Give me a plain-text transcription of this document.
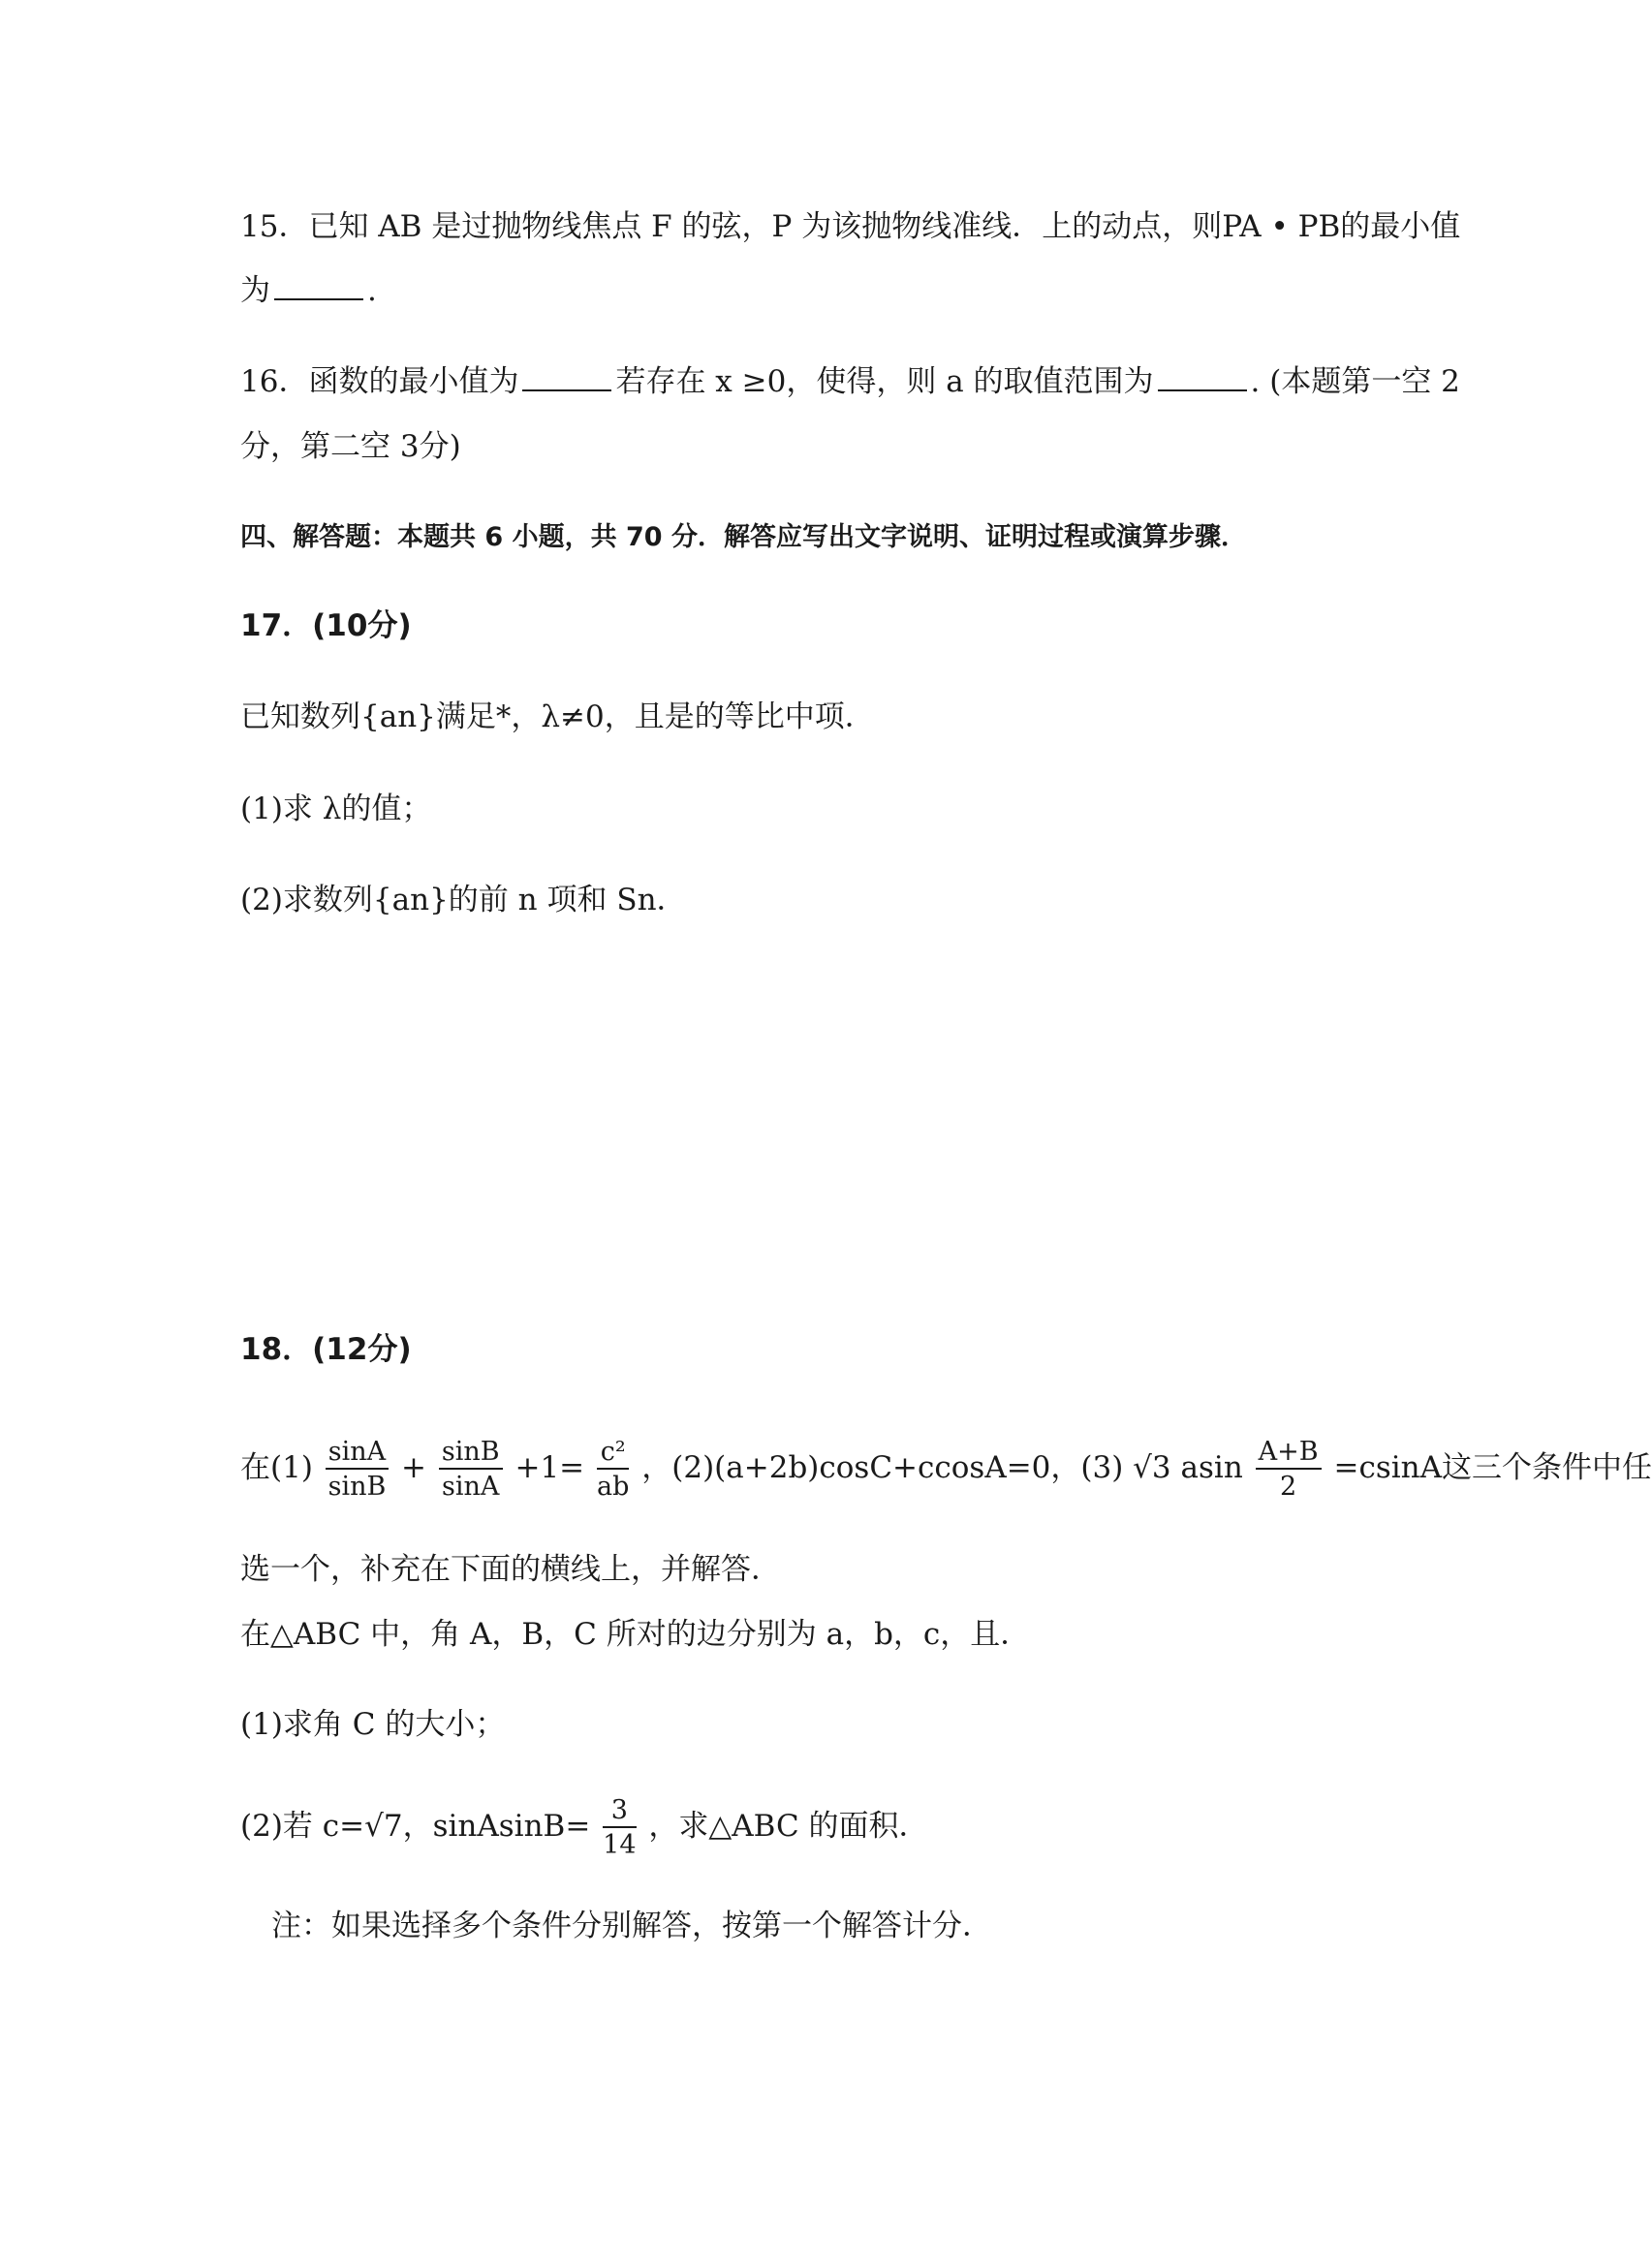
15．已知 AB 是过抛物线焦点 F 的弦，P 为该抛物线准线．上的动点，则PA • PB的最小值
为	.
16．函数的最小值为	若存在 x ≥0，使得，则 a 的取值范围为	. (本题第一空 2
分，第二空 3分)
四、解答题：本题共 6 小题，共 70 分．解答应写出文字说明、证明过程或演算步骤．
17．(10分)
已知数列{an}满足*，λ≠0，且是的等比中项．
(1)求 λ的值；
(2)求数列{an}的前 n 项和 Sn．
18．(12分)
在$(1) \frac{\sin A}{\sin B} + \frac{\sin B}{\sin A} +1= \frac{\text{c²}}{ab}$ ，(2)(a+2b)cosC+ccosA=0，(3) √3 asin $\frac{A+B}{2} =csinA$这三个条件中任
选一个，补充在下面的横线上，并解答．
在△ABC 中，角 A，B，C 所对的边分别为 a，b，c，且．
(1)求角 C 的大小；
(2)若 c=√7，sinAsinB= $\frac{3}{14}$ ，求△ABC 的面积．
注：如果选择多个条件分别解答，按第一个解答计分．
